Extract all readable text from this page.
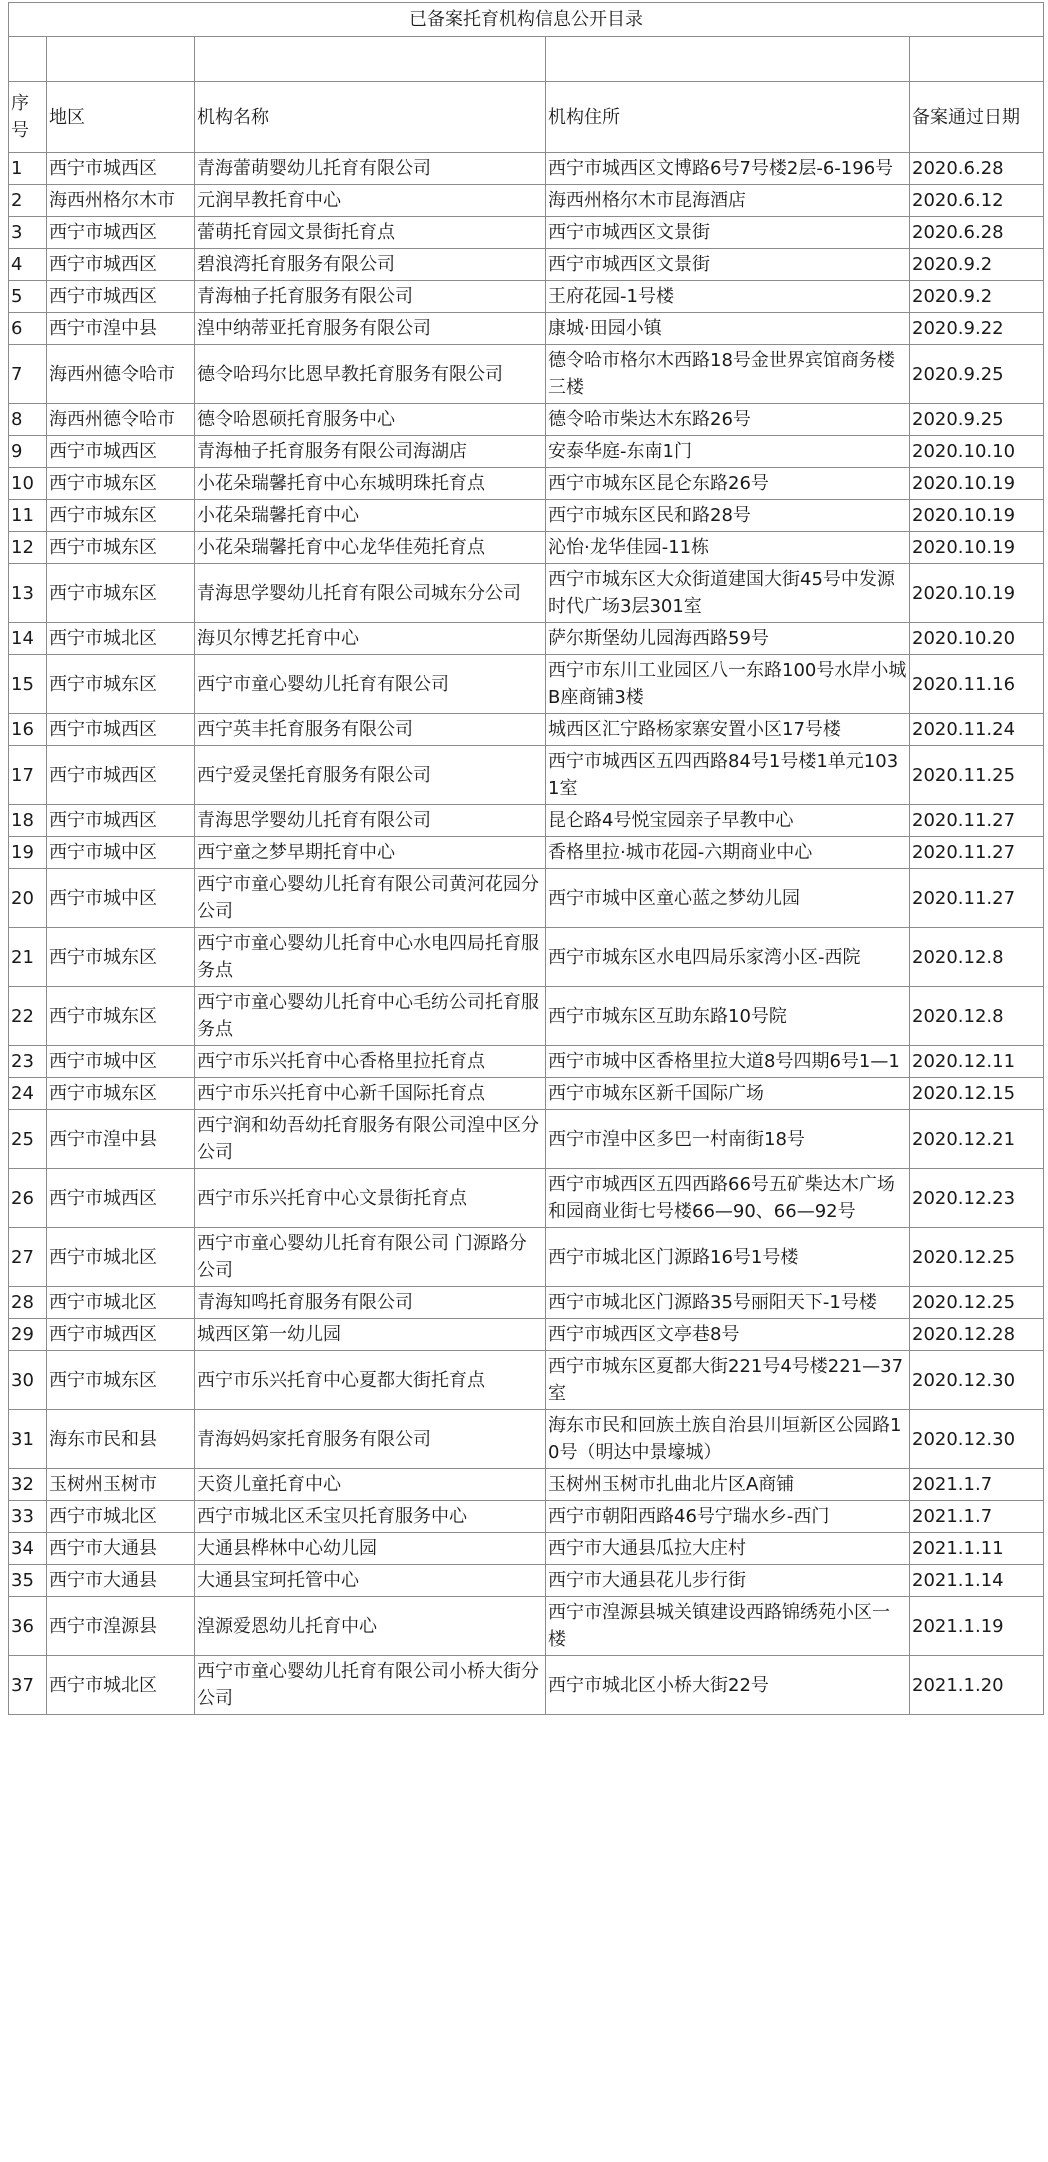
已备案托育机构信息公开目录				

序号	地区	机构名称	机构住所	备案通过日期
1	西宁市城西区	青海蕾萌婴幼儿托育有限公司	西宁市城西区文博路6号7号楼2层-6-196号	2020.6.28
2	海西州格尔木市	元润早教托育中心	海西州格尔木市昆海酒店	2020.6.12
3	西宁市城西区	蕾萌托育园文景街托育点	西宁市城西区文景街	2020.6.28
4	西宁市城西区	碧浪湾托育服务有限公司	西宁市城西区文景街	2020.9.2
5	西宁市城西区	青海柚子托育服务有限公司	王府花园-1号楼	2020.9.2
6	西宁市湟中县	湟中纳蒂亚托育服务有限公司	康城·田园小镇	2020.9.22
7	海西州德令哈市	德令哈玛尔比恩早教托育服务有限公司	德令哈市格尔木西路18号金世界宾馆商务楼三楼	2020.9.25
8	海西州德令哈市	德令哈恩硕托育服务中心	德令哈市柴达木东路26号	2020.9.25
9	西宁市城西区	青海柚子托育服务有限公司海湖店	安泰华庭-东南1门	2020.10.10
10	西宁市城东区	小花朵瑞馨托育中心东城明珠托育点	西宁市城东区昆仑东路26号	2020.10.19
11	西宁市城东区	小花朵瑞馨托育中心	西宁市城东区民和路28号	2020.10.19
12	西宁市城东区	小花朵瑞馨托育中心龙华佳苑托育点	沁怡·龙华佳园-11栋	2020.10.19
13	西宁市城东区	青海思学婴幼儿托育有限公司城东分公司	西宁市城东区大众街道建国大街45号中发源时代广场3层301室	2020.10.19
14	西宁市城北区	海贝尔博艺托育中心	萨尔斯堡幼儿园海西路59号	2020.10.20
15	西宁市城东区	西宁市童心婴幼儿托育有限公司	西宁市东川工业园区八一东路100号水岸小城B座商铺3楼	2020.11.16
16	西宁市城西区	西宁英丰托育服务有限公司	城西区汇宁路杨家寨安置小区17号楼	2020.11.24
17	西宁市城西区	西宁爱灵堡托育服务有限公司	西宁市城西区五四西路84号1号楼1单元1031室	2020.11.25
18	西宁市城西区	青海思学婴幼儿托育有限公司	昆仑路4号悦宝园亲子早教中心	2020.11.27
19	西宁市城中区	西宁童之梦早期托育中心	香格里拉·城市花园-六期商业中心	2020.11.27
20	西宁市城中区	西宁市童心婴幼儿托育有限公司黄河花园分公司	西宁市城中区童心蓝之梦幼儿园	2020.11.27
21	西宁市城东区	西宁市童心婴幼儿托育中心水电四局托育服务点	西宁市城东区水电四局乐家湾小区-西院	2020.12.8
22	西宁市城东区	西宁市童心婴幼儿托育中心毛纺公司托育服务点	西宁市城东区互助东路10号院	2020.12.8
23	西宁市城中区	西宁市乐兴托育中心香格里拉托育点	西宁市城中区香格里拉大道8号四期6号1—1	2020.12.11
24	西宁市城东区	西宁市乐兴托育中心新千国际托育点	西宁市城东区新千国际广场	2020.12.15
25	西宁市湟中县	西宁润和幼吾幼托育服务有限公司湟中区分公司	西宁市湟中区多巴一村南街18号	2020.12.21
26	西宁市城西区	西宁市乐兴托育中心文景街托育点	西宁市城西区五四西路66号五矿柴达木广场和园商业街七号楼66—90、66—92号	2020.12.23
27	西宁市城北区	西宁市童心婴幼儿托育有限公司 门源路分公司	西宁市城北区门源路16号1号楼	2020.12.25
28	西宁市城北区	青海知鸣托育服务有限公司	西宁市城北区门源路35号丽阳天下-1号楼	2020.12.25
29	西宁市城西区	城西区第一幼儿园	西宁市城西区文亭巷8号	2020.12.28
30	西宁市城东区	西宁市乐兴托育中心夏都大街托育点	西宁市城东区夏都大街221号4号楼221—37室	2020.12.30
31	海东市民和县	青海妈妈家托育服务有限公司	海东市民和回族土族自治县川垣新区公园路10号（明达中景壕城）	2020.12.30
32	玉树州玉树市	天资儿童托育中心	玉树州玉树市扎曲北片区A商铺	2021.1.7
33	西宁市城北区	西宁市城北区禾宝贝托育服务中心	西宁市朝阳西路46号宁瑞水乡-西门	2021.1.7
34	西宁市大通县	大通县桦林中心幼儿园	西宁市大通县瓜拉大庄村	2021.1.11
35	西宁市大通县	大通县宝珂托管中心	西宁市大通县花儿步行街	2021.1.14
36	西宁市湟源县	湟源爱恩幼儿托育中心	西宁市湟源县城关镇建设西路锦绣苑小区一楼	2021.1.19
37	西宁市城北区	西宁市童心婴幼儿托育有限公司小桥大街分公司	西宁市城北区小桥大街22号	2021.1.20
